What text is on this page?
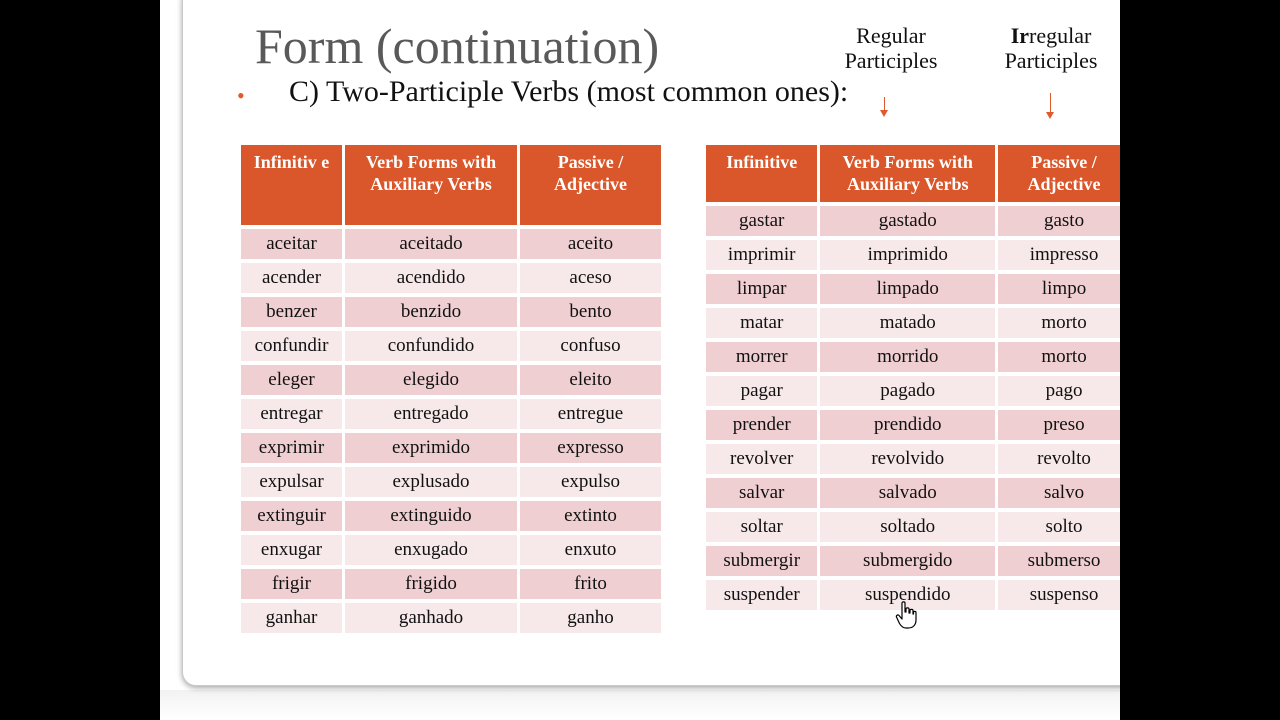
Form (continuation)
• C) Two-Participle Verbs (most common ones):
Regular
Participles
Irregular
Participles
Infinitiv e	Verb Forms with Auxiliary Verbs	Passive / Adjective
aceitar	aceitado	aceito
acender	acendido	aceso
benzer	benzido	bento
confundir	confundido	confuso
eleger	elegido	eleito
entregar	entregado	entregue
exprimir	exprimido	expresso
expulsar	explusado	expulso
extinguir	extinguido	extinto
enxugar	enxugado	enxuto
frigir	frigido	frito
ganhar	ganhado	ganho
Infinitive	Verb Forms with Auxiliary Verbs	Passive / Adjective
gastar	gastado	gasto
imprimir	imprimido	impresso
limpar	limpado	limpo
matar	matado	morto
morrer	morrido	morto
pagar	pagado	pago
prender	prendido	preso
revolver	revolvido	revolto
salvar	salvado	salvo
soltar	soltado	solto
submergir	submergido	submerso
suspender	suspendido	suspenso
